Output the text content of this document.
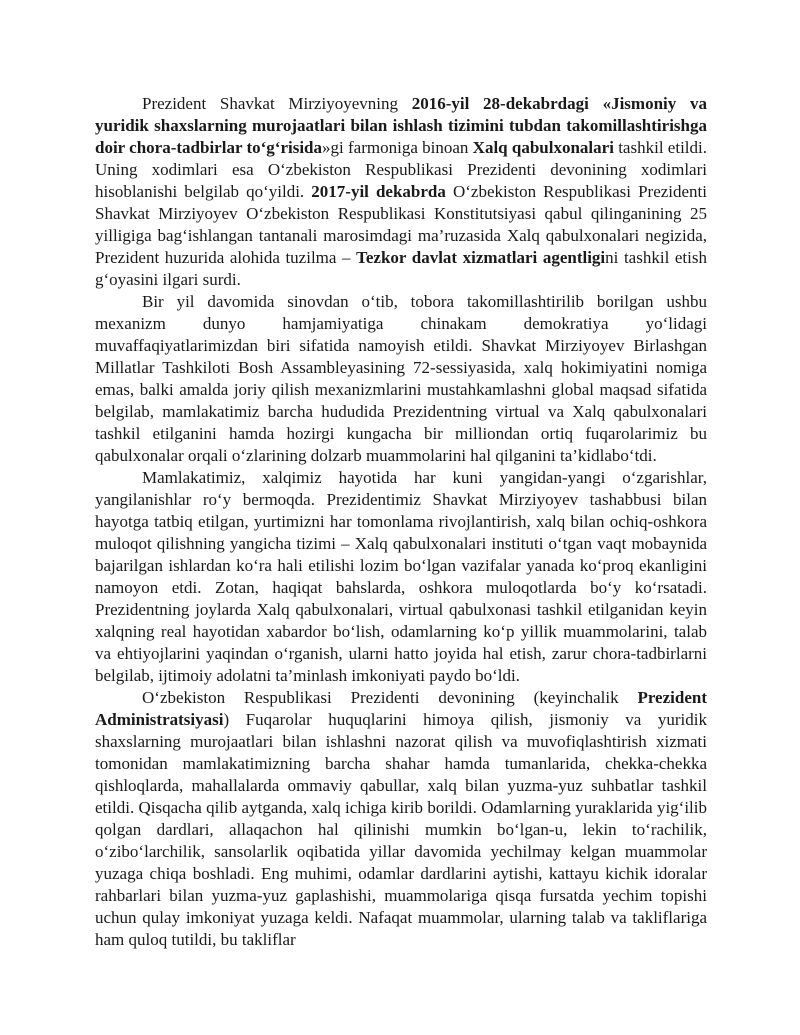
Prezident Shavkat Mirziyoyevning 2016-yil 28-dekabrdagi «Jismoniy va yuridik shaxslarning murojaatlari bilan ishlash tizimini tubdan takomillashtirishga doir chora-tadbirlar to‘g‘risida»gi farmoniga binoan Xalq qabulxonalari tashkil etildi. Uning xodimlari esa O‘zbekiston Respublikasi Prezidenti devonining xodimlari hisoblanishi belgilab qo‘yildi. 2017-yil dekabrda O‘zbekiston Respublikasi Prezidenti Shavkat Mirziyoyev O‘zbekiston Respublikasi Konstitutsiyasi qabul qilinganining 25 yilligiga bag‘ishlangan tantanali marosimdagi ma’ruzasida Xalq qabulxonalari negizida, Prezident huzurida alohida tuzilma – Tezkor davlat xizmatlari agentligini tashkil etish g‘oyasini ilgari surdi.

Bir yil davomida sinovdan o‘tib, tobora takomillashtirilib borilgan ushbu mexanizm dunyo hamjamiyatiga chinakam demokratiya yo‘lidagi muvaffaqiyatlarimizdan biri sifatida namoyish etildi. Shavkat Mirziyoyev Birlashgan Millatlar Tashkiloti Bosh Assambleyasining 72-sessiyasida, xalq hokimiyatini nomiga emas, balki amalda joriy qilish mexanizmlarini mustahkamlashni global maqsad sifatida belgilab, mamlakatimiz barcha hududida Prezidentning virtual va Xalq qabulxonalari tashkil etilganini hamda hozirgi kungacha bir milliondan ortiq fuqarolarimiz bu qabulxonalar orqali o‘zlarining dolzarb muammolarini hal qilganini ta’kidlabo‘tdi.

Mamlakatimiz, xalqimiz hayotida har kuni yangidan-yangi o‘zgarishlar, yangilanishlar ro‘y bermoqda. Prezidentimiz Shavkat Mirziyoyev tashabbusi bilan hayotga tatbiq etilgan, yurtimizni har tomonlama rivojlantirish, xalq bilan ochiq-oshkora muloqot qilishning yangicha tizimi – Xalq qabulxonalari instituti o‘tgan vaqt mobaynida bajarilgan ishlardan ko‘ra hali etilishi lozim bo‘lgan vazifalar yanada ko‘proq ekanligini namoyon etdi. Zotan, haqiqat bahslarda, oshkora muloqotlarda bo‘y ko‘rsatadi. Prezidentning joylarda Xalq qabulxonalari, virtual qabulxonasi tashkil etilganidan keyin xalqning real hayotidan xabardor bo‘lish, odamlarning ko‘p yillik muammolarini, talab va ehtiyojlarini yaqindan o‘rganish, ularni hatto joyida hal etish, zarur chora-tadbirlarni belgilab, ijtimoiy adolatni ta’minlash imkoniyati paydo bo‘ldi.

O‘zbekiston Respublikasi Prezidenti devonining (keyinchalik Prezident Administratsiyasi) Fuqarolar huquqlarini himoya qilish, jismoniy va yuridik shaxslarning murojaatlari bilan ishlashni nazorat qilish va muvofiqlashtirish xizmati tomonidan mamlakatimizning barcha shahar hamda tumanlarida, chekka-chekka qishloqlarda, mahallalarda ommaviy qabullar, xalq bilan yuzma-yuz suhbatlar tashkil etildi. Qisqacha qilib aytganda, xalq ichiga kirib borildi. Odamlarning yuraklarida yig‘ilib qolgan dardlari, allaqachon hal qilinishi mumkin bo‘lgan-u, lekin to‘rachilik, o‘zibo‘larchilik, sansolarlik oqibatida yillar davomida yechilmay kelgan muammolar yuzaga chiqa boshladi. Eng muhimi, odamlar dardlarini aytishi, kattayu kichik idoralar rahbarlari bilan yuzma-yuz gaplashishi, muammolariga qisqa fursatda yechim topishi uchun qulay imkoniyat yuzaga keldi. Nafaqat muammolar, ularning talab va takliflariga ham quloq tutildi, bu takliflar
